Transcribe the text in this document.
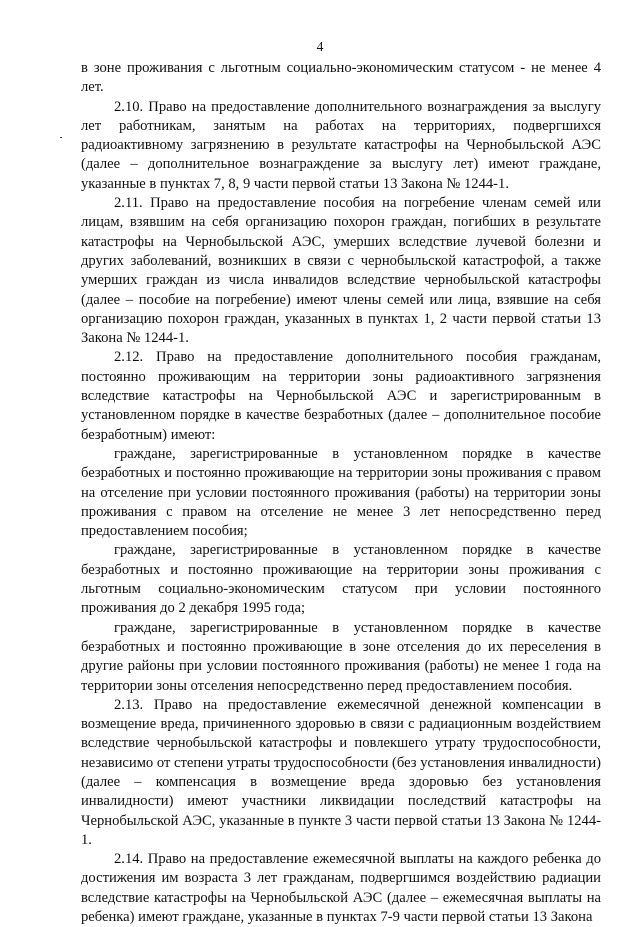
4

в зоне проживания с льготным социально-экономическим статусом - не менее 4 лет.

2.10. Право на предоставление дополнительного вознаграждения за выслугу лет работникам, занятым на работах на территориях, подвергшихся радиоактивному загрязнению в результате катастрофы на Чернобыльской АЭС (далее – дополнительное вознаграждение за выслугу лет) имеют граждане, указанные в пунктах 7, 8, 9 части первой статьи 13 Закона № 1244-1.

2.11. Право на предоставление пособия на погребение членам семей или лицам, взявшим на себя организацию похорон граждан, погибших в результате катастрофы на Чернобыльской АЭС, умерших вследствие лучевой болезни и других заболеваний, возникших в связи с чернобыльской катастрофой, а также умерших граждан из числа инвалидов вследствие чернобыльской катастрофы (далее – пособие на погребение) имеют члены семей или лица, взявшие на себя организацию похорон граждан, указанных в пунктах 1, 2 части первой статьи 13 Закона № 1244-1.

2.12. Право на предоставление дополнительного пособия гражданам, постоянно проживающим на территории зоны радиоактивного загрязнения вследствие катастрофы на Чернобыльской АЭС и зарегистрированным в установленном порядке в качестве безработных (далее – дополнительное пособие безработным) имеют:

граждане, зарегистрированные в установленном порядке в качестве безработных и постоянно проживающие на территории зоны проживания с правом на отселение при условии постоянного проживания (работы) на территории зоны проживания с правом на отселение не менее 3 лет непосредственно перед предоставлением пособия;

граждане, зарегистрированные в установленном порядке в качестве безработных и постоянно проживающие на территории зоны проживания с льготным социально-экономическим статусом при условии постоянного проживания до 2 декабря 1995 года;

граждане, зарегистрированные в установленном порядке в качестве безработных и постоянно проживающие в зоне отселения до их переселения в другие районы при условии постоянного проживания (работы) не менее 1 года на территории зоны отселения непосредственно перед предоставлением пособия.

2.13. Право на предоставление ежемесячной денежной компенсации в возмещение вреда, причиненного здоровью в связи с радиационным воздействием вследствие чернобыльской катастрофы и повлекшего утрату трудоспособности, независимо от степени утраты трудоспособности (без установления инвалидности) (далее – компенсация в возмещение вреда здоровью без установления инвалидности) имеют участники ликвидации последствий катастрофы на Чернобыльской АЭС, указанные в пункте 3 части первой статьи 13 Закона № 1244-1.

2.14. Право на предоставление ежемесячной выплаты на каждого ребенка до достижения им возраста 3 лет гражданам, подвергшимся воздействию радиации вследствие катастрофы на Чернобыльской АЭС (далее – ежемесячная выплаты на ребенка) имеют граждане, указанные в пунктах 7-9 части первой статьи 13 Закона
